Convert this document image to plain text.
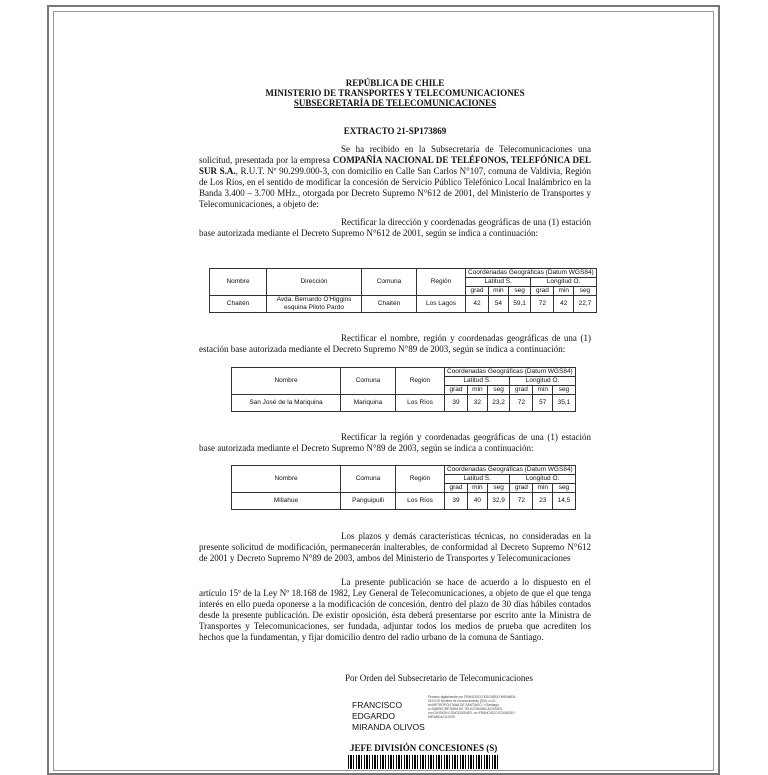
REPÚBLICA DE CHILE
MINISTERIO DE TRANSPORTES Y TELECOMUNICACIONES
SUBSECRETARÍA DE TELECOMUNICACIONES
EXTRACTO 21-SP173869

Se ha recibido en la Subsecretaría de Telecomunicaciones una solicitud, presentada por la empresa COMPAÑÍA NACIONAL DE TELÉFONOS, TELEFÓNICA DEL SUR S.A., R.U.T. Nº 90.299.000-3, con domicilio en Calle San Carlos N°107, comuna de Valdivia, Región de Los Ríos, en el sentido de modificar la concesión de Servicio Público Telefónico Local Inalámbrico en la Banda 3.400 – 3.700 MHz., otorgada por Decreto Supremo N°612 de 2001, del Ministerio de Transportes y Telecomunicaciones, a objeto de:

Rectificar la dirección y coordenadas geográficas de una (1) estación base autorizada mediante el Decreto Supremo N°612 de 2001, según se indica a continuación:

Nombre	Dirección	Comuna	Región	Coordenadas Geográficas (Datum WGS84)					
				Latitud S.			Longitud O.		
				grad	min	seg	grad	min	seg
Chaitén	Avda. Bernardo O'Higgins esquina Piloto Pardo	Chaitén	Los Lagos	42	54	59,1	72	42	22,7

Rectificar el nombre, región y coordenadas geográficas de una (1) estación base autorizada mediante el Decreto Supremo N°89 de 2003, según se indica a continuación:

Nombre	Comuna	Región	Coordenadas Geográficas (Datum WGS84)					
			Latitud S.			Longitud O.		
			grad	min	seg	grad	min	seg
San José de la Mariquina	Mariquina	Los Ríos	39	32	23,2	72	57	35,1

Rectificar la región y coordenadas geográficas de una (1) estación base autorizada mediante el Decreto Supremo N°89 de 2003, según se indica a continuación:

Nombre	Comuna	Región	Coordenadas Geográficas (Datum WGS84)					
			Latitud S.			Longitud O.		
			grad	min	seg	grad	min	seg
Millahue	Panguipulli	Los Ríos	39	40	32,9	72	23	14,5

Los plazos y demás características técnicas, no consideradas en la presente solicitud de modificación, permanecerán inalterables, de conformidad al Decreto Supremo N°612 de 2001 y Decreto Supremo N°89 de 2003, ambos del Ministerio de Transportes y Telecomunicaciones

La presente publicación se hace de acuerdo a lo dispuesto en el artículo 15º de la Ley Nº 18.168 de 1982, Ley General de Telecomunicaciones, a objeto de que el que tenga interés en ello pueda oponerse a la modificación de concesión, dentro del plazo de 30 días hábiles contados desde la presente publicación. De existir oposición, ésta deberá presentarse por escrito ante la Ministra de Transportes y Telecomunicaciones, ser fundada, adjuntar todos los medios de prueba que acrediten los hechos que la fundamentan, y fijar domicilio dentro del radio urbano de la comuna de Santiago.

Por Orden del Subsecretario de Telecomunicaciones

FRANCISCO
EDGARDO
MIRANDA OLIVOS
Firmado digitalmente por FRANCISCO EDGARDO MIRANDA OLIVOS Nombre de reconocimiento (DN): c=CL, st=METROPOLITANA DE SANTIAGO, l=Santiago, o=SUBSECRETARIA DE TELECOMUNICACIONES, ou=DIVISION CONCESIONES, cn=FRANCISCO EDGARDO MIRANDA OLIVOS
JEFE DIVISIÓN CONCESIONES (S)
